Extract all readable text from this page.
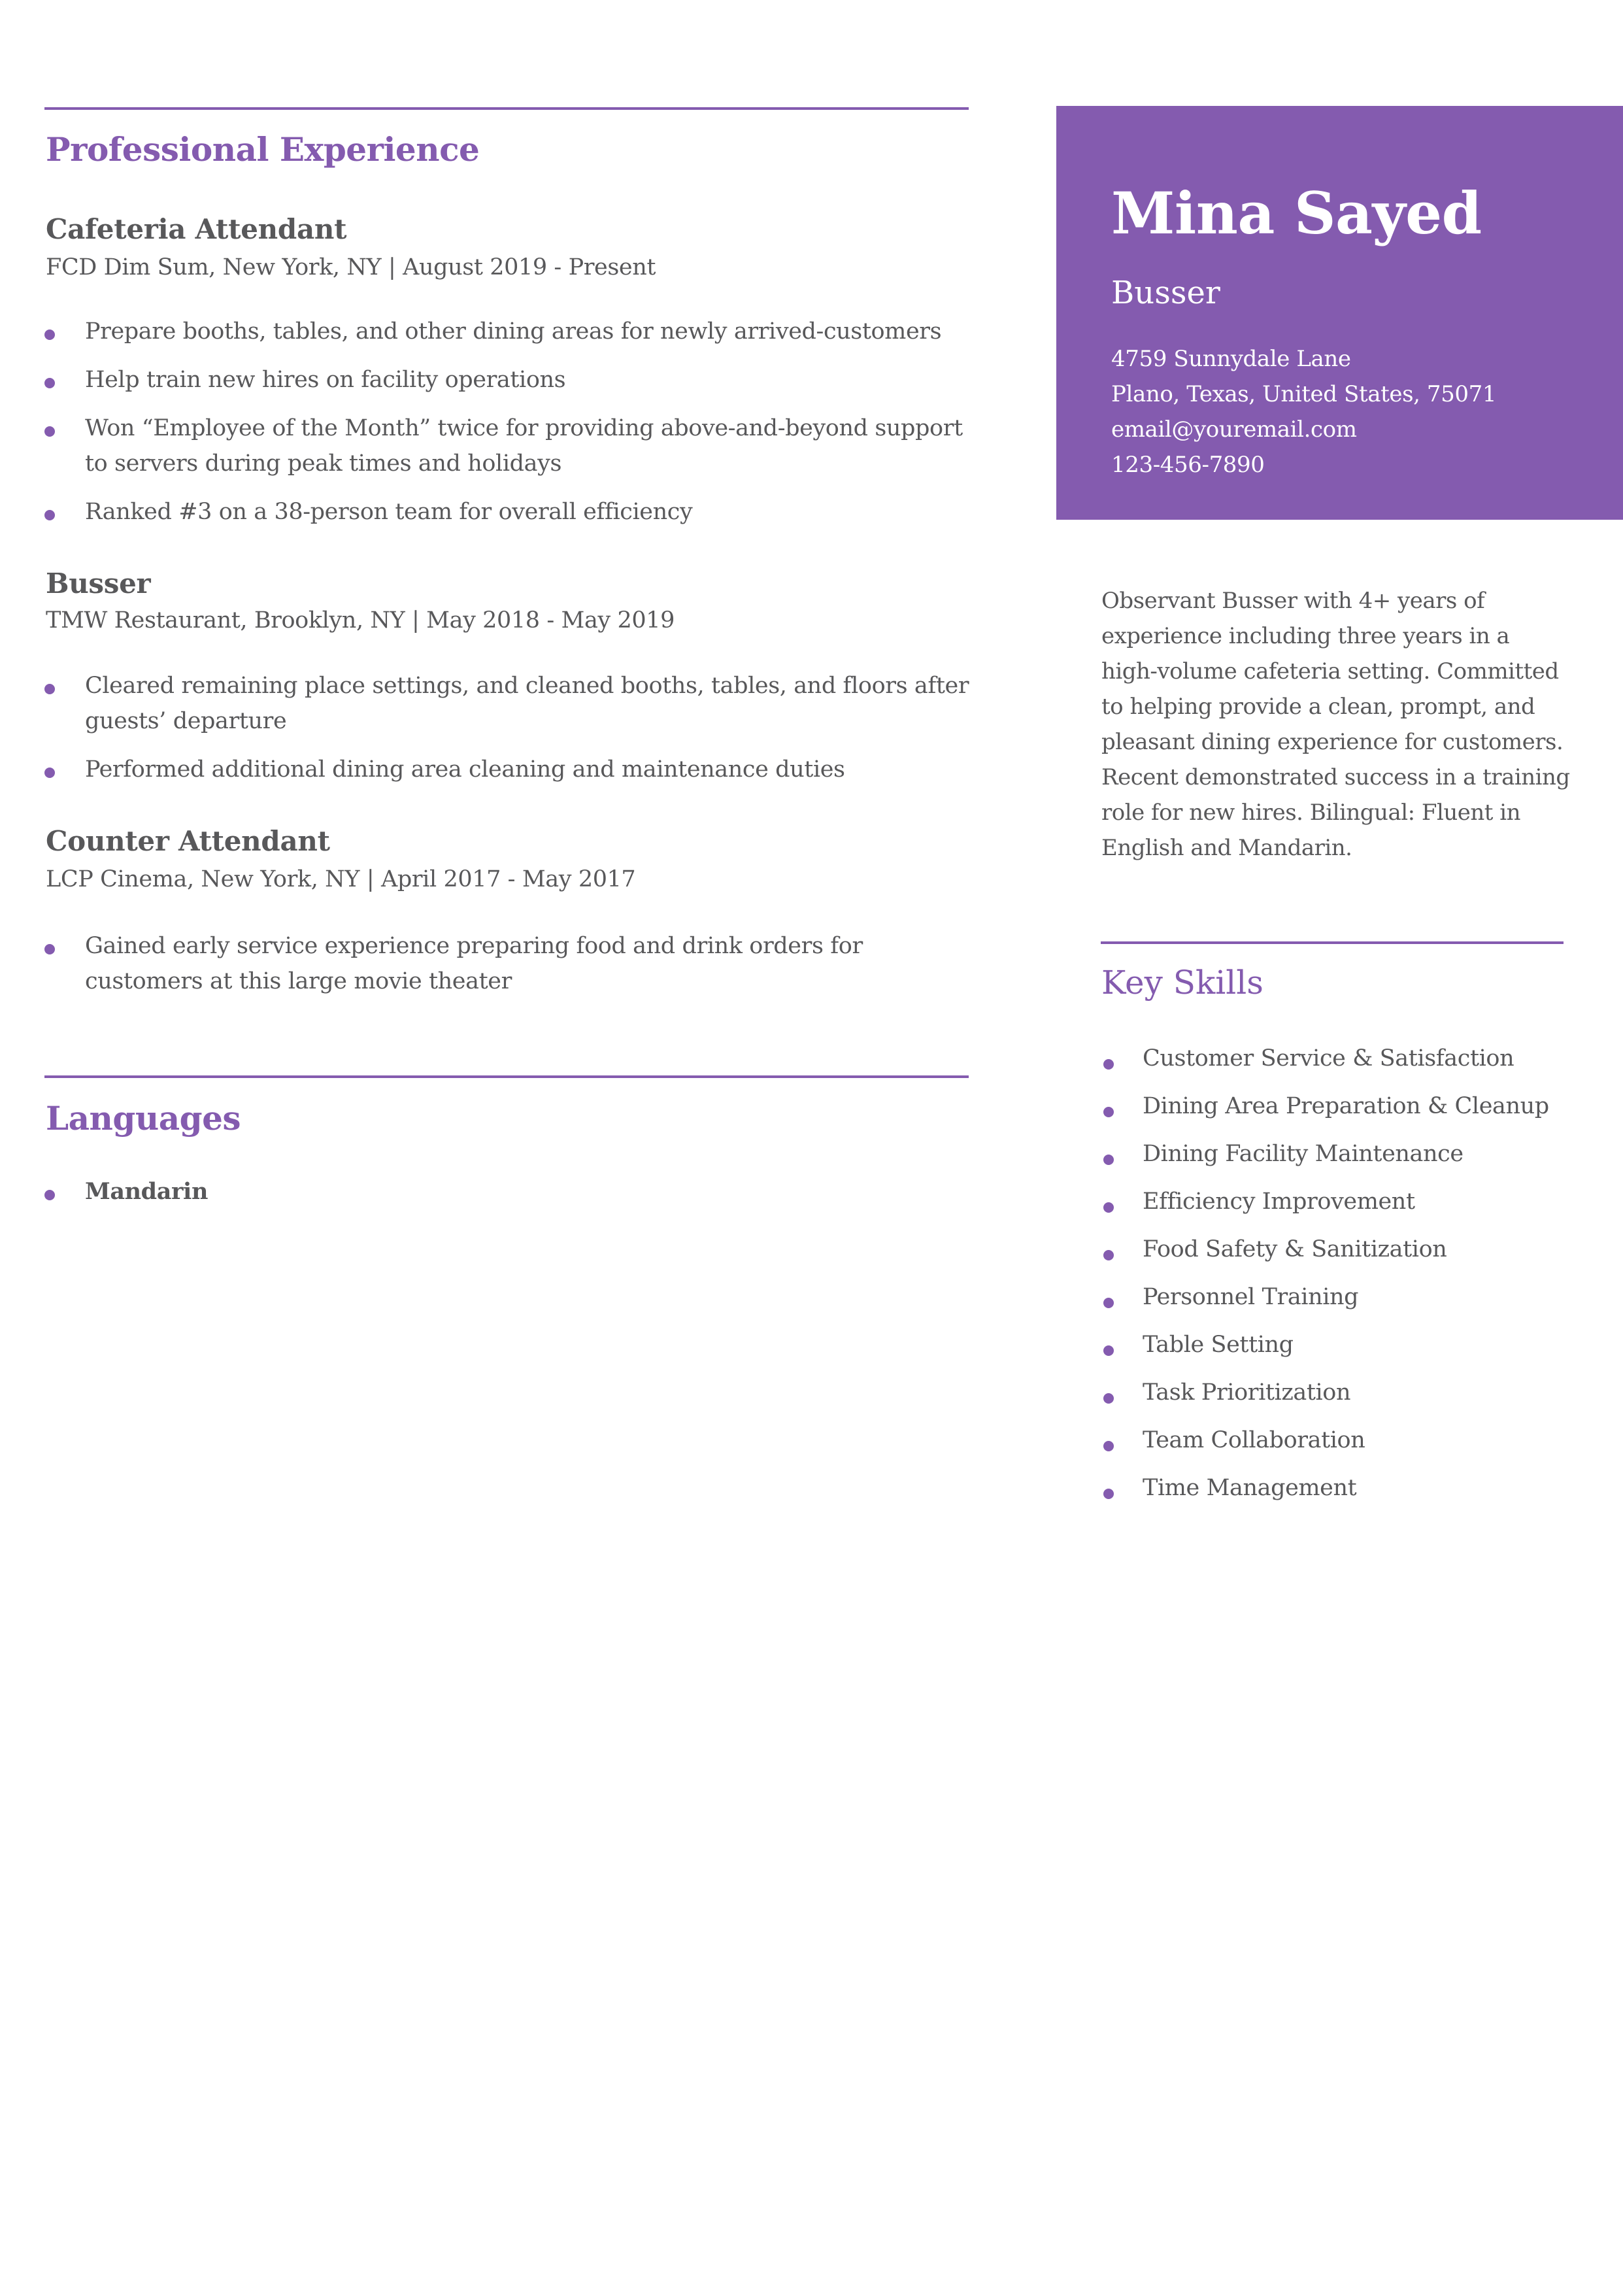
Professional Experience
Cafeteria Attendant
FCD Dim Sum, New York, NY | August 2019 - Present
Prepare booths, tables, and other dining areas for newly arrived-customers
Help train new hires on facility operations
Won “Employee of the Month” twice for providing above-and-beyond support to servers during peak times and holidays
Ranked #3 on a 38-person team for overall efficiency
Busser
TMW Restaurant, Brooklyn, NY | May 2018 - May 2019
Cleared remaining place settings, and cleaned booths, tables, and floors after guests’ departure
Performed additional dining area cleaning and maintenance duties
Counter Attendant
LCP Cinema, New York, NY | April 2017 - May 2017
Gained early service experience preparing food and drink orders for customers at this large movie theater
Languages
Mandarin
Mina Sayed
Busser
4759 Sunnydale Lane
Plano, Texas, United States, 75071
email@youremail.com
123-456-7890

Observant Busser with 4+ years of experience including three years in a high-volume cafeteria setting. Committed to helping provide a clean, prompt, and pleasant dining experience for customers. Recent demonstrated success in a training role for new hires. Bilingual: Fluent in English and Mandarin.

Key Skills
Customer Service & Satisfaction
Dining Area Preparation & Cleanup
Dining Facility Maintenance
Efficiency Improvement
Food Safety & Sanitization
Personnel Training
Table Setting
Task Prioritization
Team Collaboration
Time Management
